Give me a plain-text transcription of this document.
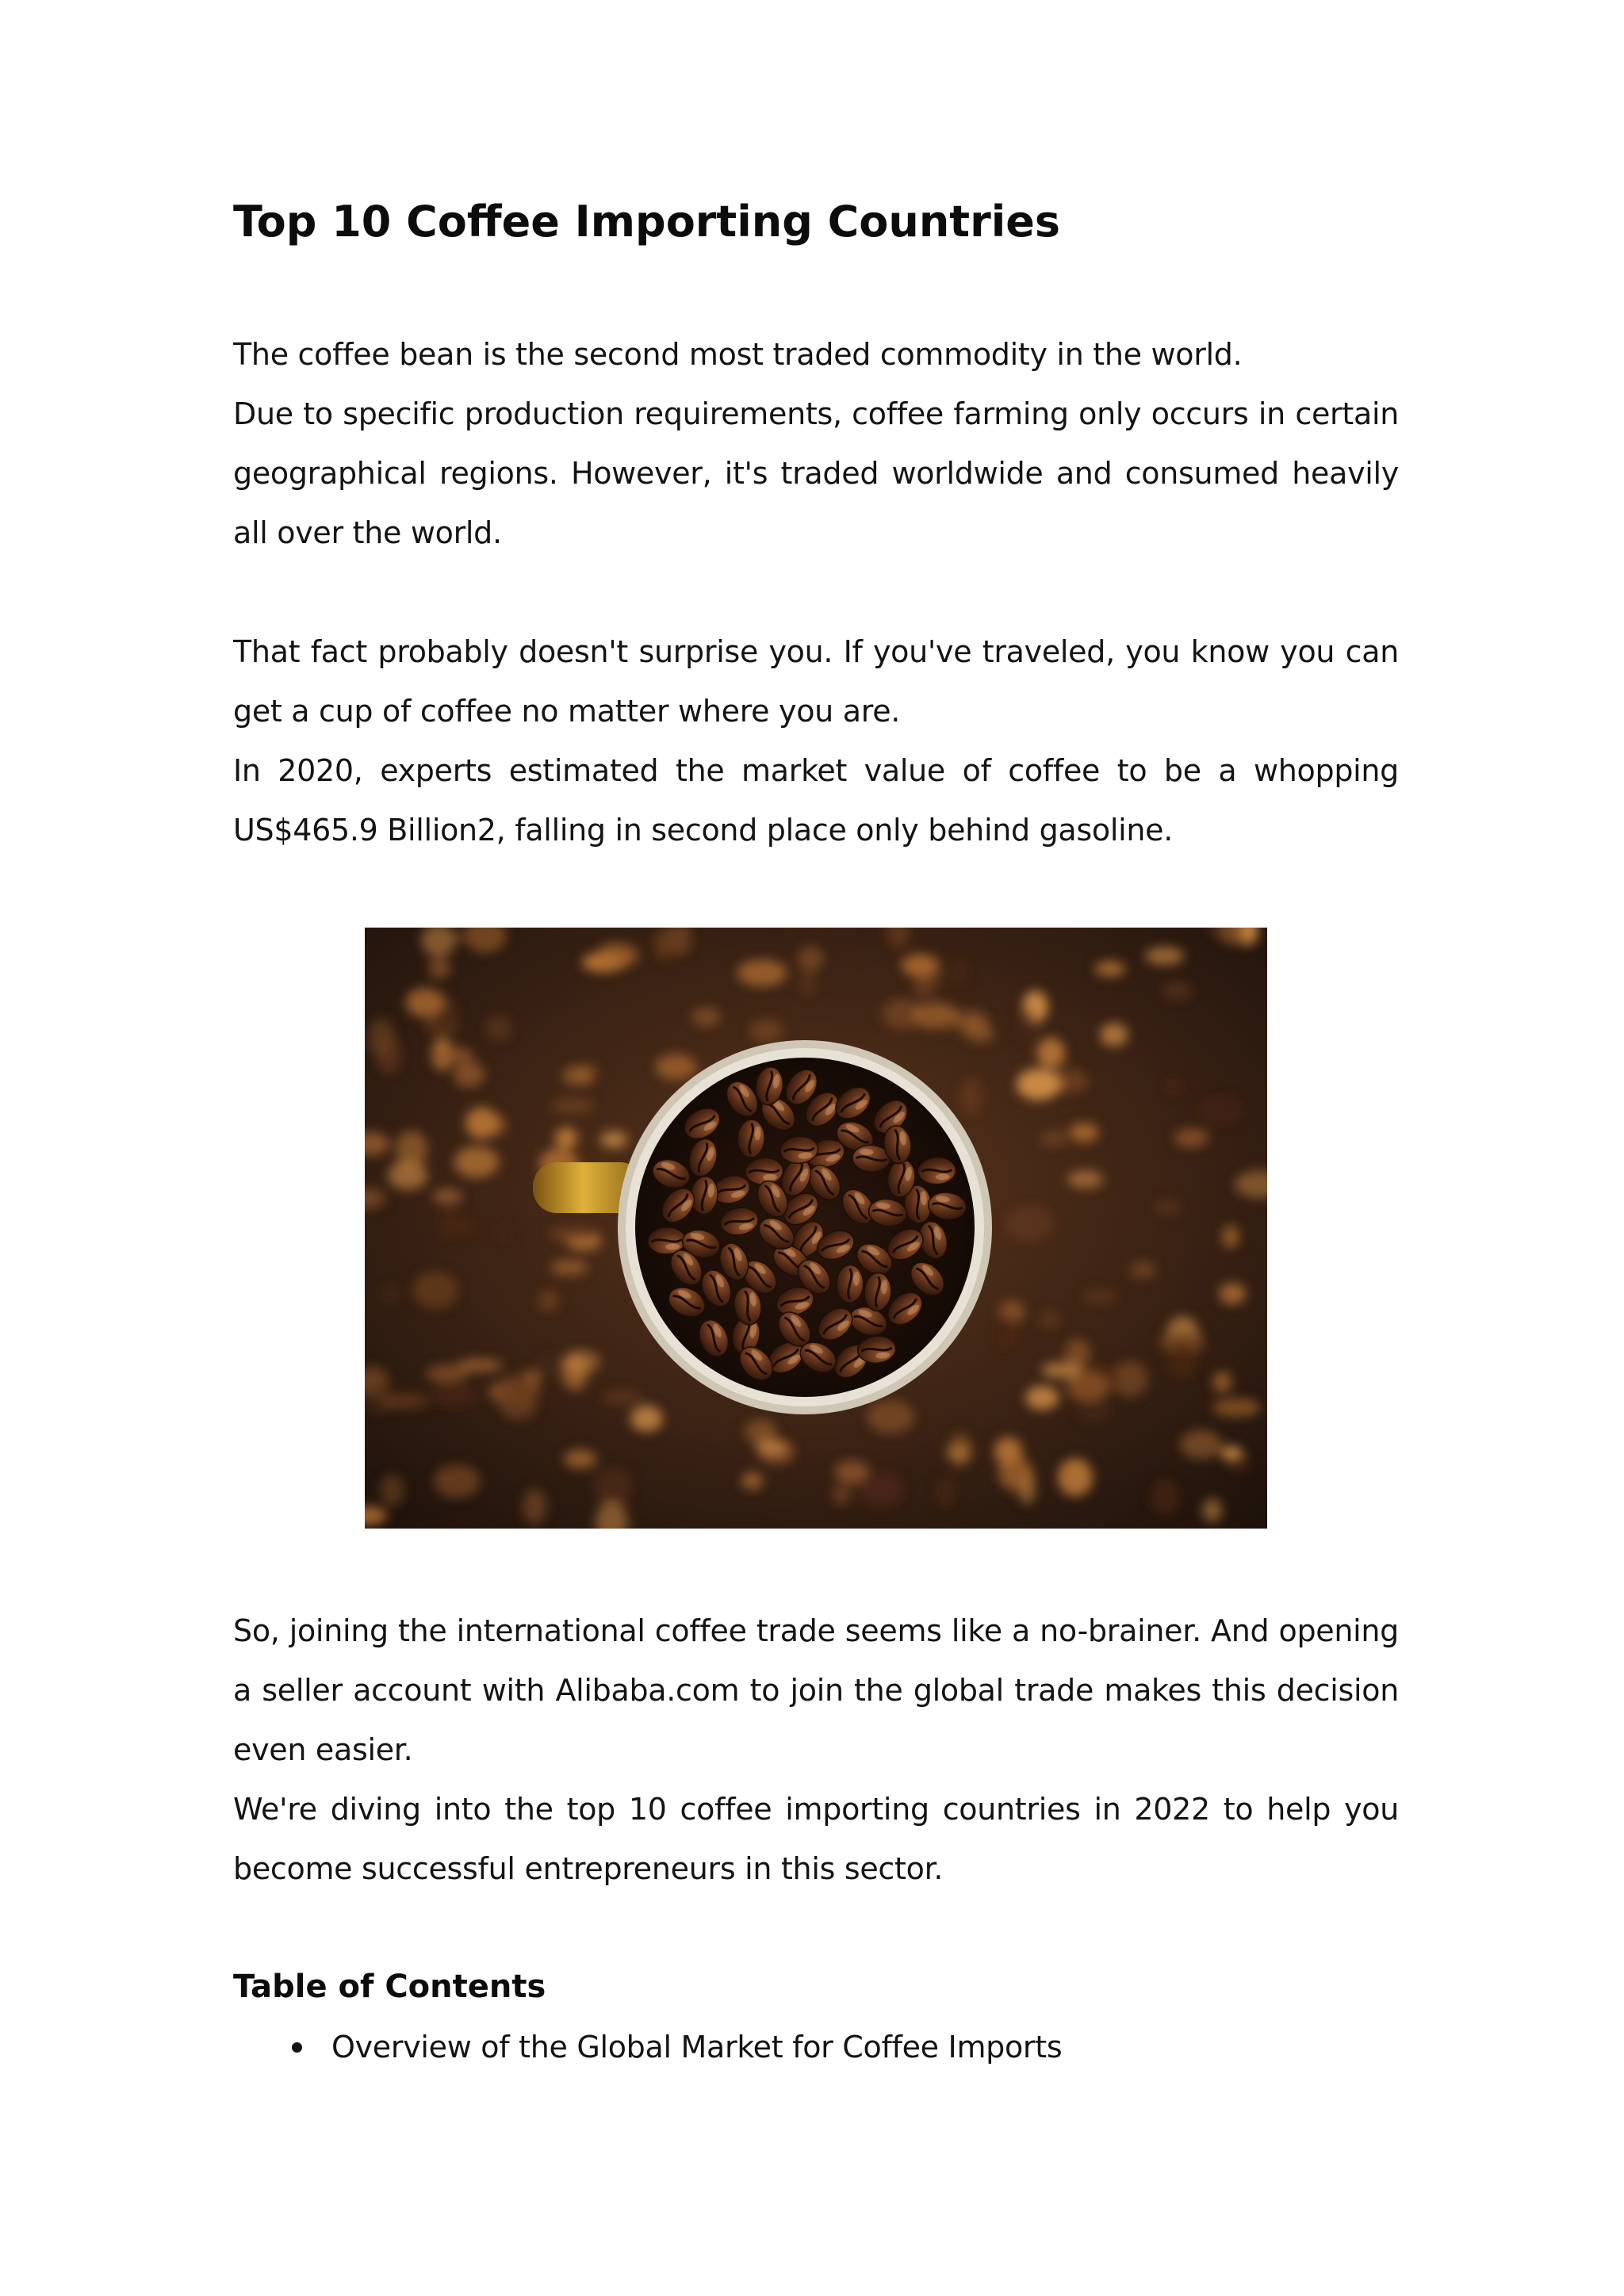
Top 10 Coffee Importing Countries

The coffee bean is the second most traded commodity in the world.

Due to specific production requirements, coffee farming only occurs in certain geographical regions. However, it's traded worldwide and consumed heavily all over the world.

That fact probably doesn't surprise you. If you've traveled, you know you can get a cup of coffee no matter where you are.

In 2020, experts estimated the market value of coffee to be a whopping US$465.9 Billion2, falling in second place only behind gasoline.

So, joining the international coffee trade seems like a no-brainer. And opening a seller account with Alibaba.com to join the global trade makes this decision even easier.

We're diving into the top 10 coffee importing countries in 2022 to help you become successful entrepreneurs in this sector.

Table of Contents
Overview of the Global Market for Coffee Imports
